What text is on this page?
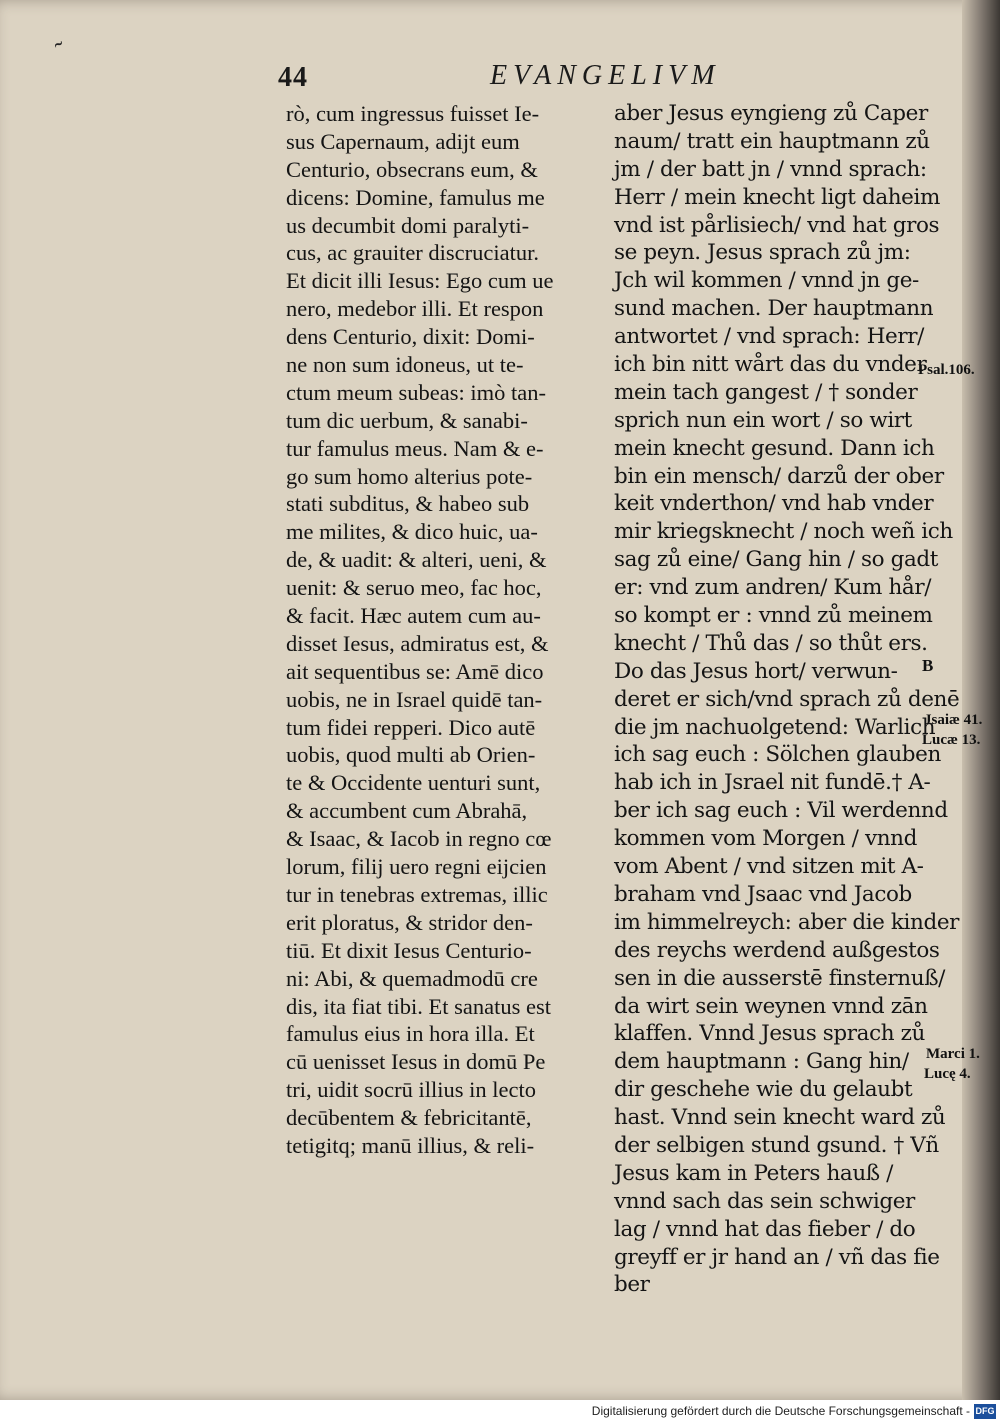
˜
44	EVANGELIVM
rò, cum ingressus fuisset Ie-
sus Capernaum, adijt eum
Centurio, obsecrans eum, &
dicens: Domine, famulus me
us decumbit domi paralyti-
cus, ac grauiter discruciatur.
Et dicit illi Iesus: Ego cum ue
nero, medebor illi. Et respon
dens Centurio, dixit: Domi-
ne non sum idoneus, ut te-
ctum meum subeas: imò tan-
tum dic uerbum, & sanabi-
tur famulus meus. Nam & e-
go sum homo alterius pote-
stati subditus, & habeo sub
me milites, & dico huic, ua-
de, & uadit: & alteri, ueni, &
uenit: & seruo meo, fac hoc,
& facit. Hæc autem cum au-
disset Iesus, admiratus est, &
ait sequentibus se: Amē dico
uobis, ne in Israel quidē tan-
tum fidei repperi. Dico autē
uobis, quod multi ab Orien-
te & Occidente uenturi sunt,
& accumbent cum Abrahā,
& Isaac, & Iacob in regno cœ
lorum, filij uero regni eijcien
tur in tenebras extremas, illic
erit ploratus, & stridor den-
tiū. Et dixit Iesus Centurio-
ni: Abi, & quemadmodū cre
dis, ita fiat tibi. Et sanatus est
famulus eius in hora illa. Et
cū uenisset Iesus in domū Pe
tri, uidit socrū illius in lecto
decūbentem & febricitantē,
tetigitq; manū illius, & reli-
aber Jesus eyngieng zů Caper
naum/ tratt ein hauptmann zů
jm / der batt jn / vnnd sprach:
Herr / mein knecht ligt daheim
vnd ist pårlisiech/ vnd hat gros
se peyn. Jesus sprach zů jm:
Jch wil kommen / vnnd jn ge-
sund machen. Der hauptmann
antwortet / vnd sprach: Herr/
ich bin nitt wårt das du vnder
mein tach gangest / † sonder
sprich nun ein wort / so wirt
mein knecht gesund. Dann ich
bin ein mensch/ darzů der ober
keit vnderthon/ vnd hab vnder
mir kriegsknecht / noch weñ ich
sag zů eine/ Gang hin / so gadt
er: vnd zum andren/ Kum hår/
so kompt er : vnnd zů meinem
knecht / Thů das / so thůt ers.
Do das Jesus hort/ verwun-
deret er sich/vnd sprach zů denē
die jm nachuolgetend: Warlich
ich sag euch : Sölchen glauben
hab ich in Jsrael nit fundē.† A-
ber ich sag euch : Vil werdennd
kommen vom Morgen / vnnd
vom Abent / vnd sitzen mit A-
braham vnd Jsaac vnd Jacob
im himmelreych: aber die kinder
des reychs werdend außgestos
sen in die ausserstē finsternuß/
da wirt sein weynen vnnd zān
klaffen. Vnnd Jesus sprach zů
dem hauptmann : Gang hin/
dir geschehe wie du gelaubt
hast. Vnnd sein knecht ward zů
der selbigen stund gsund. † Vñ
Jesus kam in Peters hauß /
vnnd sach das sein schwiger
lag / vnnd hat das fieber / do
greyff er jr hand an / vñ das fie
ber
Psal.106.
B
Jsaiæ 41.
Lucæ 13.
Marci 1.
Lucę 4.
Digitalisierung gefördert durch die Deutsche Forschungsgemeinschaft - DFG
